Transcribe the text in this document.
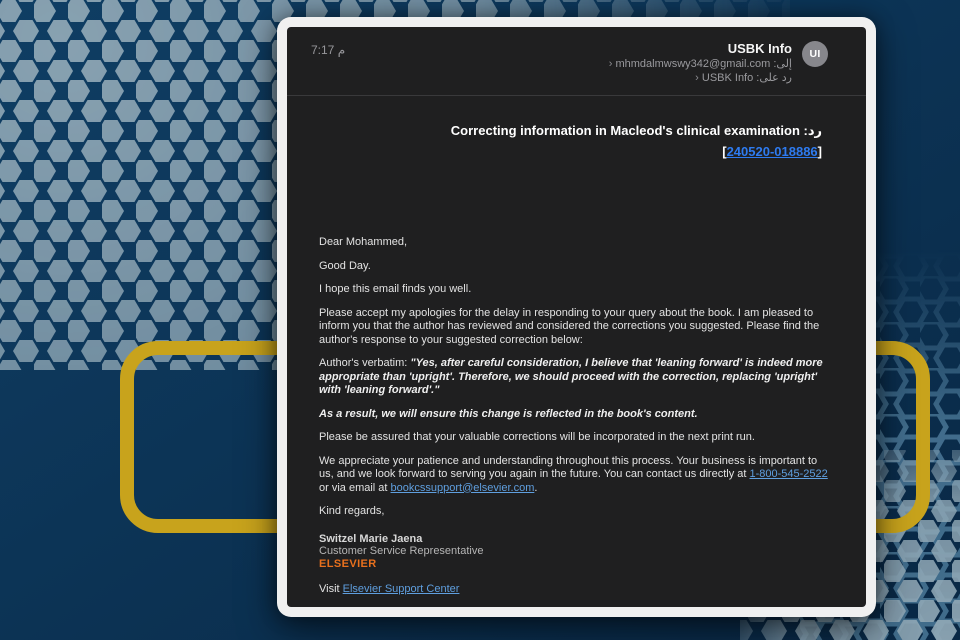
م 7:17	USBK Info
إلى: mhmdalmwswy342@gmail.com ‹
رد على: USBK Info ‹
UI
رد: Correcting information in Macleod's clinical examination
[240520-018886]

Dear Mohammed,

Good Day.

I hope this email finds you well.

Please accept my apologies for the delay in responding to your query about the book. I am pleased to inform you that the author has reviewed and considered the corrections you suggested. Please find the author's response to your suggested correction below:

Author's verbatim: "Yes, after careful consideration, I believe that 'leaning forward' is indeed more appropriate than 'upright'. Therefore, we should proceed with the correction, replacing 'upright' with 'leaning forward'."

As a result, we will ensure this change is reflected in the book's content.

Please be assured that your valuable corrections will be incorporated in the next print run.

We appreciate your patience and understanding throughout this process. Your business is important to us, and we look forward to serving you again in the future. You can contact us directly at 1-800-545-2522 or via email at bookcssupport@elsevier.com.

Kind regards,

Switzel Marie Jaena
Customer Service Representative
ELSEVIER
Visit Elsevier Support Center
